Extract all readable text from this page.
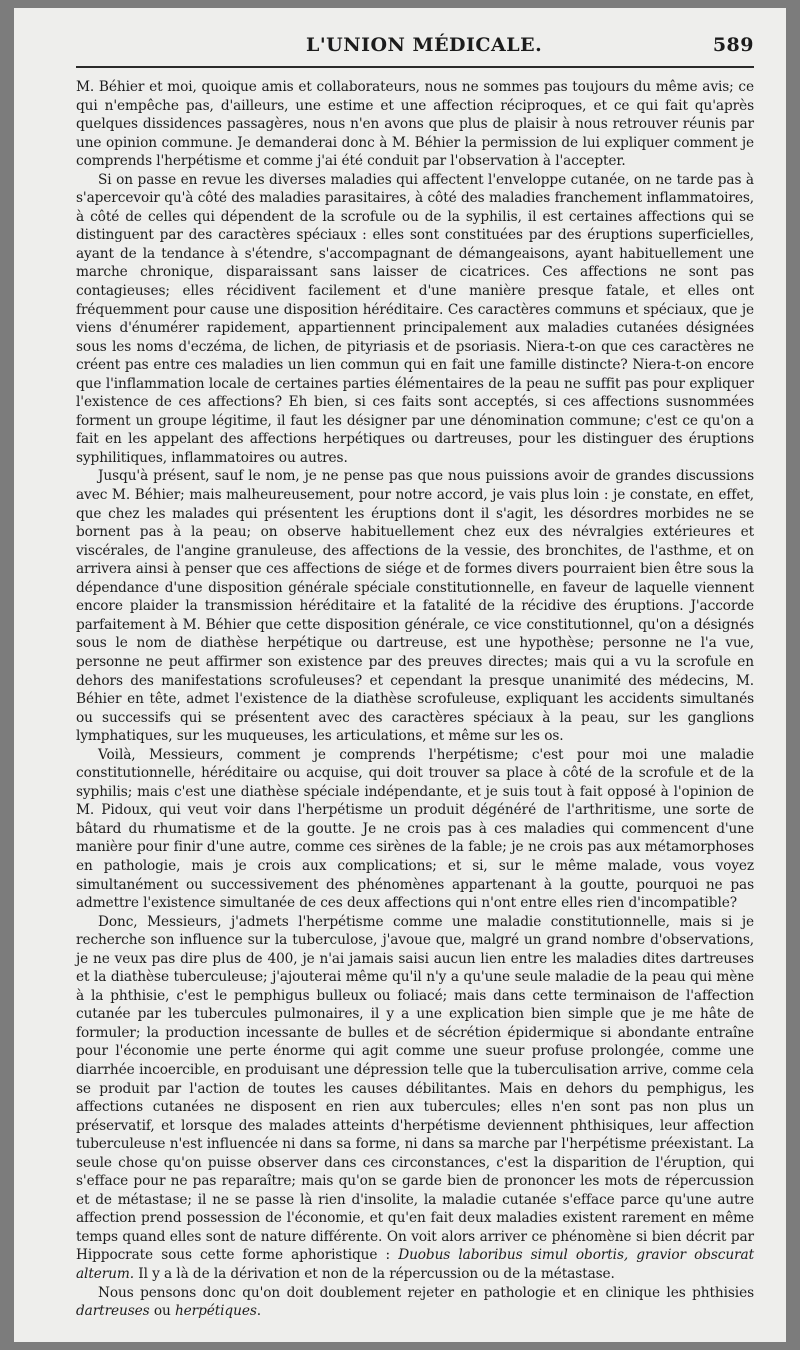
L'UNION MÉDICALE.	589

M. Béhier et moi, quoique amis et collaborateurs, nous ne sommes pas toujours du même avis; ce qui n'empêche pas, d'ailleurs, une estime et une affection réciproques, et ce qui fait qu'après quelques dissidences passagères, nous n'en avons que plus de plaisir à nous retrouver réunis par une opinion commune. Je demanderai donc à M. Béhier la permission de lui expliquer comment je comprends l'herpétisme et comme j'ai été conduit par l'observation à l'accepter.

Si on passe en revue les diverses maladies qui affectent l'enveloppe cutanée, on ne tarde pas à s'apercevoir qu'à côté des maladies parasitaires, à côté des maladies franchement inflammatoires, à côté de celles qui dépendent de la scrofule ou de la syphilis, il est certaines affections qui se distinguent par des caractères spéciaux : elles sont constituées par des éruptions superficielles, ayant de la tendance à s'étendre, s'accompagnant de démangeaisons, ayant habituellement une marche chronique, disparaissant sans laisser de cicatrices. Ces affections ne sont pas contagieuses; elles récidivent facilement et d'une manière presque fatale, et elles ont fréquemment pour cause une disposition héréditaire. Ces caractères communs et spéciaux, que je viens d'énumérer rapidement, appartiennent principalement aux maladies cutanées désignées sous les noms d'eczéma, de lichen, de pityriasis et de psoriasis. Niera-t-on que ces caractères ne créent pas entre ces maladies un lien commun qui en fait une famille distincte? Niera-t-on encore que l'inflammation locale de certaines parties élémentaires de la peau ne suffit pas pour expliquer l'existence de ces affections? Eh bien, si ces faits sont acceptés, si ces affections susnommées forment un groupe légitime, il faut les désigner par une dénomination commune; c'est ce qu'on a fait en les appelant des affections herpétiques ou dartreuses, pour les distinguer des éruptions syphilitiques, inflammatoires ou autres.

Jusqu'à présent, sauf le nom, je ne pense pas que nous puissions avoir de grandes discussions avec M. Béhier; mais malheureusement, pour notre accord, je vais plus loin : je constate, en effet, que chez les malades qui présentent les éruptions dont il s'agit, les désordres morbides ne se bornent pas à la peau; on observe habituellement chez eux des névralgies extérieures et viscérales, de l'angine granuleuse, des affections de la vessie, des bronchites, de l'asthme, et on arrivera ainsi à penser que ces affections de siége et de formes divers pourraient bien être sous la dépendance d'une disposition générale spéciale constitutionnelle, en faveur de laquelle viennent encore plaider la transmission héréditaire et la fatalité de la récidive des éruptions. J'accorde parfaitement à M. Béhier que cette disposition générale, ce vice constitutionnel, qu'on a désignés sous le nom de diathèse herpétique ou dartreuse, est une hypothèse; personne ne l'a vue, personne ne peut affirmer son existence par des preuves directes; mais qui a vu la scrofule en dehors des manifestations scrofuleuses? et cependant la presque unanimité des médecins, M. Béhier en tête, admet l'existence de la diathèse scrofuleuse, expliquant les accidents simultanés ou successifs qui se présentent avec des caractères spéciaux à la peau, sur les ganglions lymphatiques, sur les muqueuses, les articulations, et même sur les os.

Voilà, Messieurs, comment je comprends l'herpétisme; c'est pour moi une maladie constitutionnelle, héréditaire ou acquise, qui doit trouver sa place à côté de la scrofule et de la syphilis; mais c'est une diathèse spéciale indépendante, et je suis tout à fait opposé à l'opinion de M. Pidoux, qui veut voir dans l'herpétisme un produit dégénéré de l'arthritisme, une sorte de bâtard du rhumatisme et de la goutte. Je ne crois pas à ces maladies qui commencent d'une manière pour finir d'une autre, comme ces sirènes de la fable; je ne crois pas aux métamorphoses en pathologie, mais je crois aux complications; et si, sur le même malade, vous voyez simultanément ou successivement des phénomènes appartenant à la goutte, pourquoi ne pas admettre l'existence simultanée de ces deux affections qui n'ont entre elles rien d'incompatible?

Donc, Messieurs, j'admets l'herpétisme comme une maladie constitutionnelle, mais si je recherche son influence sur la tuberculose, j'avoue que, malgré un grand nombre d'observations, je ne veux pas dire plus de 400, je n'ai jamais saisi aucun lien entre les maladies dites dartreuses et la diathèse tuberculeuse; j'ajouterai même qu'il n'y a qu'une seule maladie de la peau qui mène à la phthisie, c'est le pemphigus bulleux ou foliacé; mais dans cette terminaison de l'affection cutanée par les tubercules pulmonaires, il y a une explication bien simple que je me hâte de formuler; la production incessante de bulles et de sécrétion épidermique si abondante entraîne pour l'économie une perte énorme qui agit comme une sueur profuse prolongée, comme une diarrhée incoercible, en produisant une dépression telle que la tuberculisation arrive, comme cela se produit par l'action de toutes les causes débilitantes. Mais en dehors du pemphigus, les affections cutanées ne disposent en rien aux tubercules; elles n'en sont pas non plus un préservatif, et lorsque des malades atteints d'herpétisme deviennent phthisiques, leur affection tuberculeuse n'est influencée ni dans sa forme, ni dans sa marche par l'herpétisme préexistant. La seule chose qu'on puisse observer dans ces circonstances, c'est la disparition de l'éruption, qui s'efface pour ne pas reparaître; mais qu'on se garde bien de prononcer les mots de répercussion et de métastase; il ne se passe là rien d'insolite, la maladie cutanée s'efface parce qu'une autre affection prend possession de l'économie, et qu'en fait deux maladies existent rarement en même temps quand elles sont de nature différente. On voit alors arriver ce phénomène si bien décrit par Hippocrate sous cette forme aphoristique : Duobus laboribus simul obortis, gravior obscurat alterum. Il y a là de la dérivation et non de la répercussion ou de la métastase.

Nous pensons donc qu'on doit doublement rejeter en pathologie et en clinique les phthisies dartreuses ou herpétiques.
